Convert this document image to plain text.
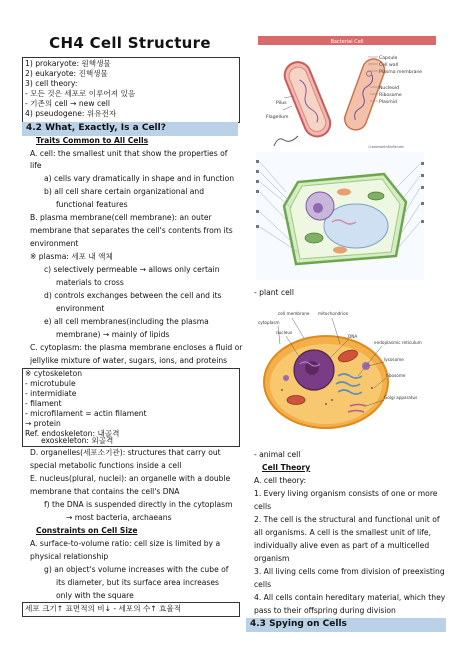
CH4 Cell Structure
1) prokaryote: 원핵생물
2) eukaryote: 진핵생물
3) cell theory:
- 모든 것은 세포로 이루어져 있음
- 기존의 cell → new cell
4) pseudogene: 위유전자
4.2 What, Exactly, Is a Cell?
Traits Common to All Cells
A. cell: the smallest unit that show the properties of
life
a) cells vary dramatically in shape and in function
b) all cell share certain organizational and
functional features
B. plasma membrane(cell membrane): an outer
membrane that separates the cell's contents from its
environment
※ plasma: 세포 내 액체
c) selectively permeable → allows only certain
materials to cross
d) controls exchanges between the cell and its
environment
e) all cell membranes(including the plasma
membrane) → mainly of lipids
C. cytoplasm: the plasma membrane encloses a fluid or
jellylike mixture of water, sugars, ions, and proteins
※ cytoskeleton
- microtubule
- intermidiate
- filament
- microfilament = actin filament
→ protein
Ref. endoskeleton: 내골격
exoskeleton: 외골격
D. organelles(세포소기관): structures that carry out
special metabolic functions inside a cell
E. nucleus(plural, nuclei): an organelle with a double
membrane that contains the cell's DNA
f) the DNA is suspended directly in the cytoplasm
→ most bacteria, archaeans
Constraints on Cell Size
A. surface-to-volume ratio: cell size is limited by a
physical relationship
g) an object's volume increases with the cube of
its diameter, but its surface area increases
only with the square
세포 크기↑ 표면적의 비↓ - 세포의 수↑ 효율적
Bacterial Cell
Capsule
Cell wall
Plasma membrane
Nucleoid
Ribosome
Plasmid
Pilus
Flagellum
CreatedwithBioRender
- plant cell
cell membrane mitochondrion
cytoplasm
nucleus
DNA
endoplasmic reticulum
lysosome
ribosome
Golgi apparatus
- animal cell
Cell Theory
A. cell theory:
1. Every living organism consists of one or more
cells
2. The cell is the structural and functional unit of
all organisms. A cell is the smallest unit of life,
individually alive even as part of a multicelled
organism
3. All living cells come from division of preexisting
cells
4. All cells contain hereditary material, which they
pass to their offspring during division
4.3 Spying on Cells
